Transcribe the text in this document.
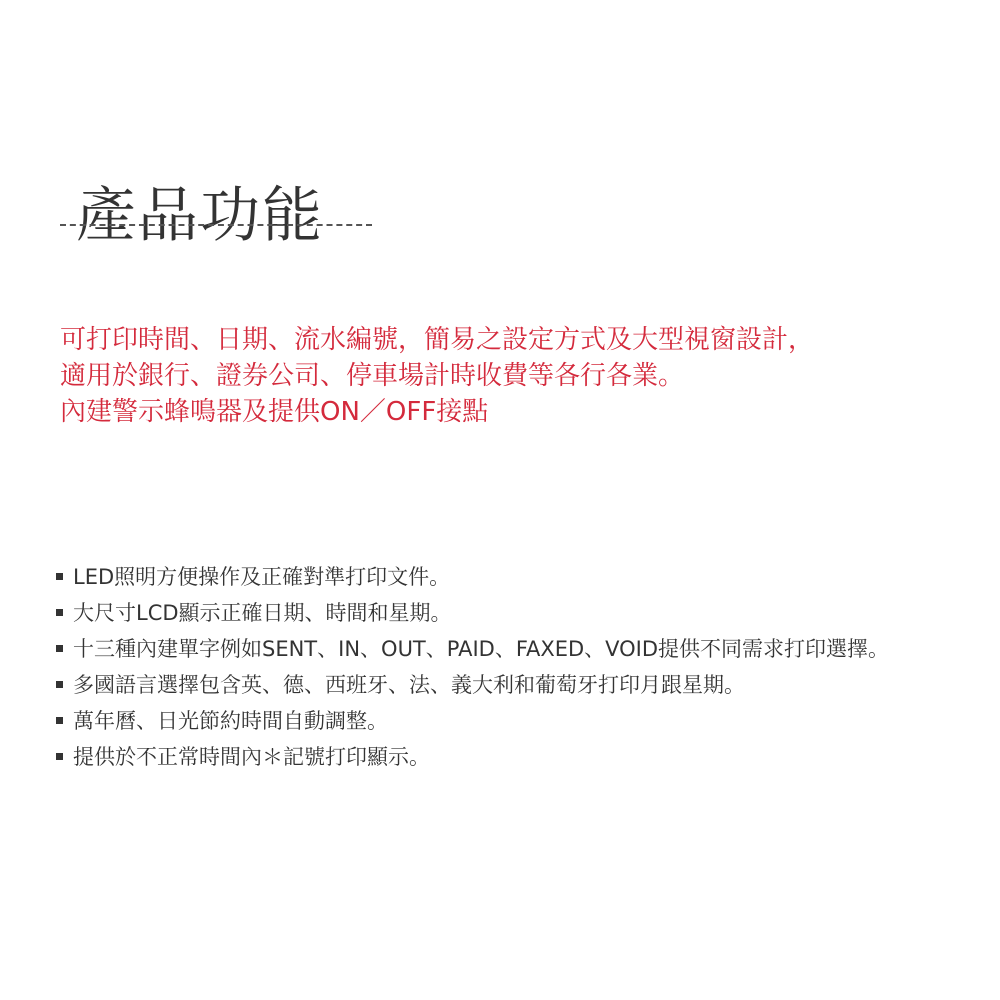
產品功能
可打印時間、日期、流水編號，簡易之設定方式及大型視窗設計，
適用於銀行、證券公司、停車場計時收費等各行各業。
內建警示蜂鳴器及提供ON／OFF接點
LED照明方便操作及正確對準打印文件。
大尺寸LCD顯示正確日期、時間和星期。
十三種內建單字例如SENT、IN、OUT、PAID、FAXED、VOID提供不同需求打印選擇。
多國語言選擇包含英、德、西班牙、法、義大利和葡萄牙打印月跟星期。
萬年曆、日光節約時間自動調整。
提供於不正常時間內＊記號打印顯示。
